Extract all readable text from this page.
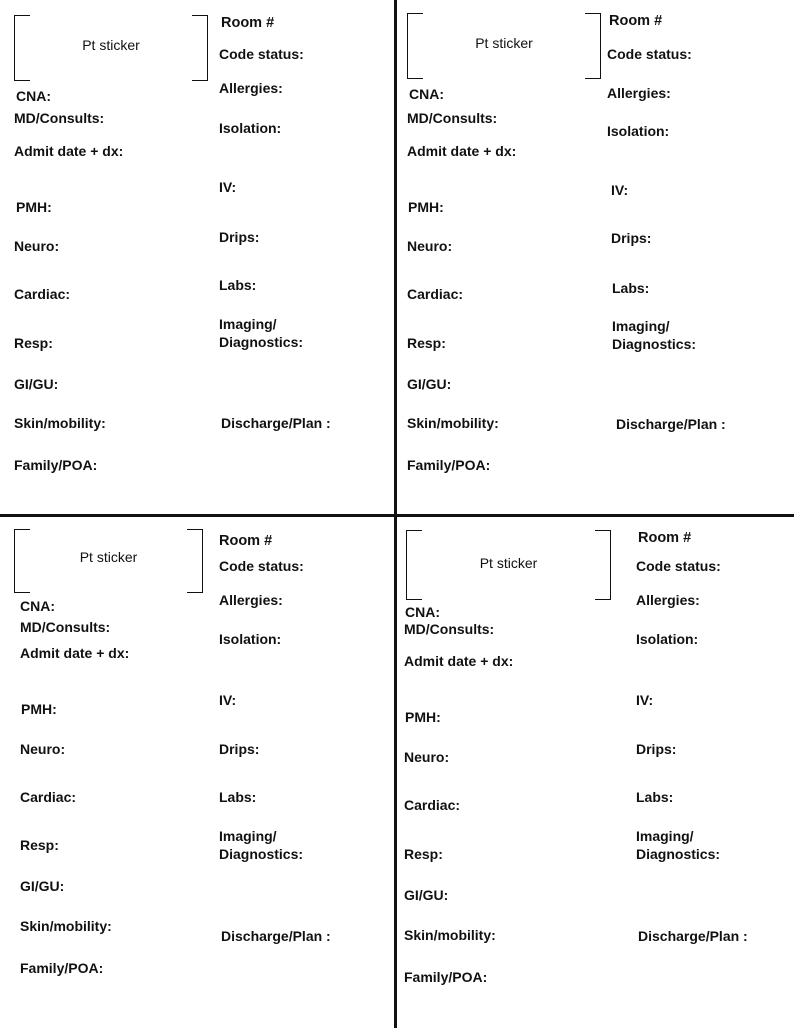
Pt sticker
Room #
Code status:
Allergies:
Isolation:
IV:
Drips:
Labs:
Imaging/ Diagnostics:
Discharge/Plan :
CNA:
MD/Consults:
Admit date + dx:
PMH:
Neuro:
Cardiac:
Resp:
GI/GU:
Skin/mobility:
Family/POA:
Pt sticker
Room #
Code status:
Allergies:
Isolation:
IV:
Drips:
Labs:
Imaging/ Diagnostics:
Discharge/Plan :
CNA:
MD/Consults:
Admit date + dx:
PMH:
Neuro:
Cardiac:
Resp:
GI/GU:
Skin/mobility:
Family/POA:
Pt sticker
Room #
Code status:
Allergies:
Isolation:
IV:
Drips:
Labs:
Imaging/ Diagnostics:
Discharge/Plan :
CNA:
MD/Consults:
Admit date + dx:
PMH:
Neuro:
Cardiac:
Resp:
GI/GU:
Skin/mobility:
Family/POA:
Pt sticker
Room #
Code status:
Allergies:
Isolation:
IV:
Drips:
Labs:
Imaging/ Diagnostics:
Discharge/Plan :
CNA:
MD/Consults:
Admit date + dx:
PMH:
Neuro:
Cardiac:
Resp:
GI/GU:
Skin/mobility:
Family/POA:
